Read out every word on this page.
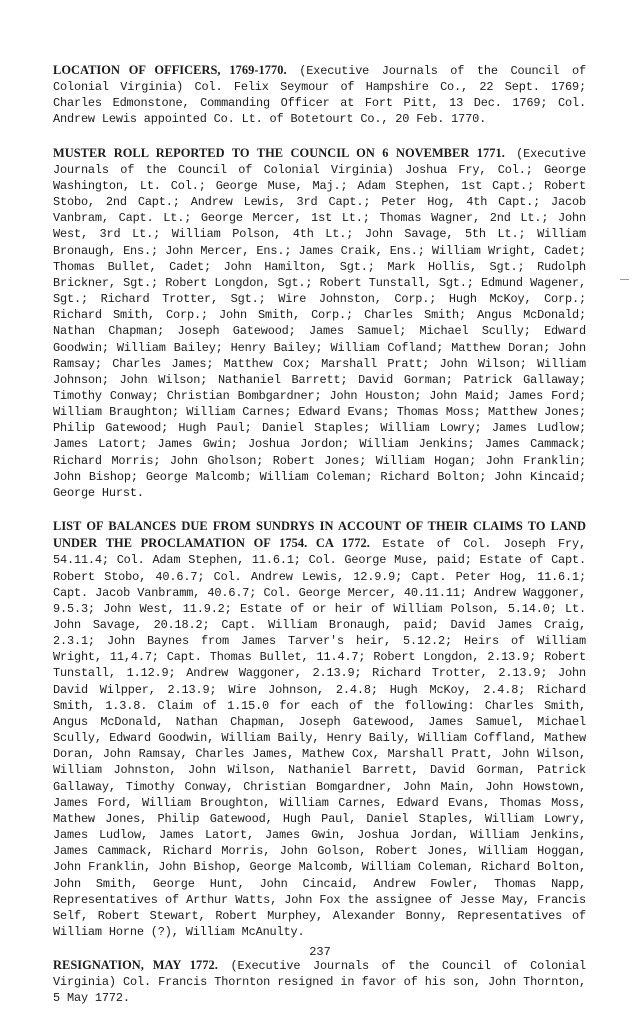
LOCATION OF OFFICERS, 1769-1770. (Executive Journals of the Council of Colonial Virginia) Col. Felix Seymour of Hampshire Co., 22 Sept. 1769; Charles Edmonstone, Commanding Officer at Fort Pitt, 13 Dec. 1769; Col. Andrew Lewis appointed Co. Lt. of Botetourt Co., 20 Feb. 1770.

MUSTER ROLL REPORTED TO THE COUNCIL ON 6 NOVEMBER 1771. (Executive Journals of the Council of Colonial Virginia) Joshua Fry, Col.; George Washington, Lt. Col.; George Muse, Maj.; Adam Stephen, 1st Capt.; Robert Stobo, 2nd Capt.; Andrew Lewis, 3rd Capt.; Peter Hog, 4th Capt.; Jacob Vanbram, Capt. Lt.; George Mercer, 1st Lt.; Thomas Wagner, 2nd Lt.; John West, 3rd Lt.; William Polson, 4th Lt.; John Savage, 5th Lt.; William Bronaugh, Ens.; John Mercer, Ens.; James Craik, Ens.; William Wright, Cadet; Thomas Bullet, Cadet; John Hamilton, Sgt.; Mark Hollis, Sgt.; Rudolph Brickner, Sgt.; Robert Longdon, Sgt.; Robert Tunstall, Sgt.; Edmund Wagener, Sgt.; Richard Trotter, Sgt.; Wire Johnston, Corp.; Hugh McKoy, Corp.; Richard Smith, Corp.; John Smith, Corp.; Charles Smith; Angus McDonald; Nathan Chapman; Joseph Gatewood; James Samuel; Michael Scully; Edward Goodwin; William Bailey; Henry Bailey; William Cofland; Matthew Doran; John Ramsay; Charles James; Matthew Cox; Marshall Pratt; John Wilson; William Johnson; John Wilson; Nathaniel Barrett; David Gorman; Patrick Gallaway; Timothy Conway; Christian Bombgardner; John Houston; John Maid; James Ford; William Braughton; William Carnes; Edward Evans; Thomas Moss; Matthew Jones; Philip Gatewood; Hugh Paul; Daniel Staples; William Lowry; James Ludlow; James Latort; James Gwin; Joshua Jordon; William Jenkins; James Cammack; Richard Morris; John Gholson; Robert Jones; William Hogan; John Franklin; John Bishop; George Malcomb; William Coleman; Richard Bolton; John Kincaid; George Hurst.

LIST OF BALANCES DUE FROM SUNDRYS IN ACCOUNT OF THEIR CLAIMS TO LAND UNDER THE PROCLAMATION OF 1754. CA 1772. Estate of Col. Joseph Fry, 54.11.4; Col. Adam Stephen, 11.6.1; Col. George Muse, paid; Estate of Capt. Robert Stobo, 40.6.7; Col. Andrew Lewis, 12.9.9; Capt. Peter Hog, 11.6.1; Capt. Jacob Vanbramm, 40.6.7; Col. George Mercer, 40.11.11; Andrew Waggoner, 9.5.3; John West, 11.9.2; Estate of or heir of William Polson, 5.14.0; Lt. John Savage, 20.18.2; Capt. William Bronaugh, paid; David James Craig, 2.3.1; John Baynes from James Tarver's heir, 5.12.2; Heirs of William Wright, 11,4.7; Capt. Thomas Bullet, 11.4.7; Robert Longdon, 2.13.9; Robert Tunstall, 1.12.9; Andrew Waggoner, 2.13.9; Richard Trotter, 2.13.9; John David Wilpper, 2.13.9; Wire Johnson, 2.4.8; Hugh McKoy, 2.4.8; Richard Smith, 1.3.8. Claim of 1.15.0 for each of the following: Charles Smith, Angus McDonald, Nathan Chapman, Joseph Gatewood, James Samuel, Michael Scully, Edward Goodwin, William Baily, Henry Baily, William Coffland, Mathew Doran, John Ramsay, Charles James, Mathew Cox, Marshall Pratt, John Wilson, William Johnston, John Wilson, Nathaniel Barrett, David Gorman, Patrick Gallaway, Timothy Conway, Christian Bomgardner, John Main, John Howstown, James Ford, William Broughton, William Carnes, Edward Evans, Thomas Moss, Mathew Jones, Philip Gatewood, Hugh Paul, Daniel Staples, William Lowry, James Ludlow, James Latort, James Gwin, Joshua Jordan, William Jenkins, James Cammack, Richard Morris, John Golson, Robert Jones, William Hoggan, John Franklin, John Bishop, George Malcomb, William Coleman, Richard Bolton, John Smith, George Hunt, John Cincaid, Andrew Fowler, Thomas Napp, Representatives of Arthur Watts, John Fox the assignee of Jesse May, Francis Self, Robert Stewart, Robert Murphey, Alexander Bonny, Representatives of William Horne (?), William McAnulty.

RESIGNATION, MAY 1772. (Executive Journals of the Council of Colonial Virginia) Col. Francis Thornton resigned in favor of his son, John Thornton, 5 May 1772.

237
